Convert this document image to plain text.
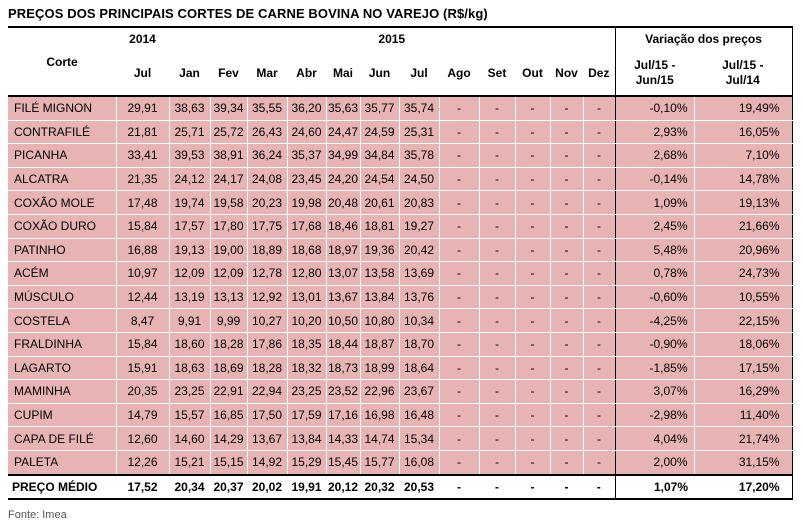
PREÇOS DOS PRINCIPAIS CORTES DE CARNE BOVINA NO VAREJO (R$/kg)
Corte	2014	2015												Variação dos preços	
	Jul	Jan	Fev	Mar	Abr	Mai	Jun	Jul	Ago	Set	Out	Nov	Dez	Jul/15 - Jun/15	Jul/15 - Jul/14
FILÉ MIGNON	29,91	38,63	39,34	35,55	36,20	35,63	35,77	35,74	-	-	-	-	-	-0,10%	19,49%
CONTRAFILÉ	21,81	25,71	25,72	26,43	24,60	24,47	24,59	25,31	-	-	-	-	-	2,93%	16,05%
PICANHA	33,41	39,53	38,91	36,24	35,37	34,99	34,84	35,78	-	-	-	-	-	2,68%	7,10%
ALCATRA	21,35	24,12	24,17	24,08	23,45	24,20	24,54	24,50	-	-	-	-	-	-0,14%	14,78%
COXÃO MOLE	17,48	19,74	19,58	20,23	19,98	20,48	20,61	20,83	-	-	-	-	-	1,09%	19,13%
COXÃO DURO	15,84	17,57	17,80	17,75	17,68	18,46	18,81	19,27	-	-	-	-	-	2,45%	21,66%
PATINHO	16,88	19,13	19,00	18,89	18,68	18,97	19,36	20,42	-	-	-	-	-	5,48%	20,96%
ACÉM	10,97	12,09	12,09	12,78	12,80	13,07	13,58	13,69	-	-	-	-	-	0,78%	24,73%
MÚSCULO	12,44	13,19	13,13	12,92	13,01	13,67	13,84	13,76	-	-	-	-	-	-0,60%	10,55%
COSTELA	8,47	9,91	9,99	10,27	10,20	10,50	10,80	10,34	-	-	-	-	-	-4,25%	22,15%
FRALDINHA	15,84	18,60	18,28	17,86	18,35	18,44	18,87	18,70	-	-	-	-	-	-0,90%	18,06%
LAGARTO	15,91	18,63	18,69	18,28	18,32	18,73	18,99	18,64	-	-	-	-	-	-1,85%	17,15%
MAMINHA	20,35	23,25	22,91	22,94	23,25	23,52	22,96	23,67	-	-	-	-	-	3,07%	16,29%
CUPIM	14,79	15,57	16,85	17,50	17,59	17,16	16,98	16,48	-	-	-	-	-	-2,98%	11,40%
CAPA DE FILÉ	12,60	14,60	14,29	13,67	13,84	14,33	14,74	15,34	-	-	-	-	-	4,04%	21,74%
PALETA	12,26	15,21	15,15	14,92	15,29	15,45	15,77	16,08	-	-	-	-	-	2,00%	31,15%
PREÇO MÉDIO	17,52	20,34	20,37	20,02	19,91	20,12	20,32	20,53	-	-	-	-	-	1,07%	17,20%
Fonte: Imea
